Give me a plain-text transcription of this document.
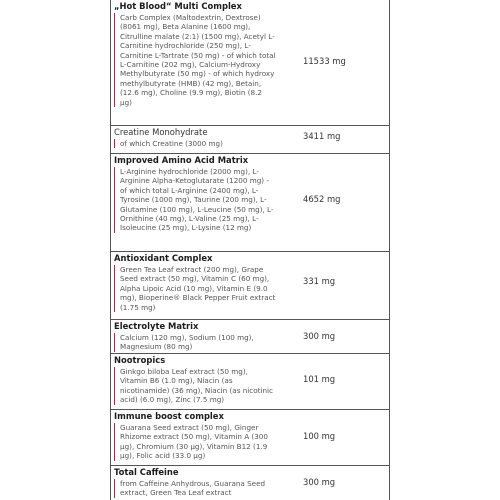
„Hot Blood“ Multi Complex
Carb Complex (Maltodextrin, Dextrose) (8061 mg), Beta Alanine (1600 mg), Citrulline malate (2:1) (1500 mg), Acetyl L-Carnitine hydrochloride (250 mg), L-Carnitine L-Tartrate (50 mg) - of which total L-Carnitine (202 mg), Calcium-Hydroxy Methylbutyrate (50 mg) - of which hydroxy methylbutyrate (HMB) (42 mg), Betain, (12.6 mg), Choline (9.9 mg), Biotin (8.2 μg)
11533 mg
Creatine Monohydrate
of which Creatine (3000 mg)
3411 mg
Improved Amino Acid Matrix
L-Arginine hydrochloride (2000 mg), L-Arginine Alpha-Ketoglutarate (1200 mg) - of which total L-Arginine (2400 mg), L-Tyrosine (1000 mg), Taurine (200 mg), L-Glutamine (100 mg), L-Leucine (50 mg), L-Ornithine (40 mg), L-Valine (25 mg), L-Isoleucine (25 mg), L-Lysine (12 mg)
4652 mg
Antioxidant Complex
Green Tea Leaf extract (200 mg), Grape Seed extract (50 mg), Vitamin C (60 mg), Alpha Lipoic Acid (10 mg), Vitamin E (9.0 mg), Bioperine® Black Pepper Fruit extract (1.75 mg)
331 mg
Electrolyte Matrix
Calcium (120 mg), Sodium (100 mg), Magnesium (80 mg)
300 mg
Nootropics
Ginkgo biloba Leaf extract (50 mg), Vitamin B6 (1.0 mg), Niacin (as nicotinamide) (36 mg), Niacin (as nicotinic acid) (6.0 mg), Zinc (7.5 mg)
101 mg
Immune boost complex
Guarana Seed extract (50 mg), Ginger Rhizome extract (50 mg), Vitamin A (300 μg), Chromium (30 μg), Vitamin B12 (1.9 μg), Folic acid (33.0 μg)
100 mg
Total Caffeine
from Caffeine Anhydrous, Guarana Seed extract, Green Tea Leaf extract
300 mg
